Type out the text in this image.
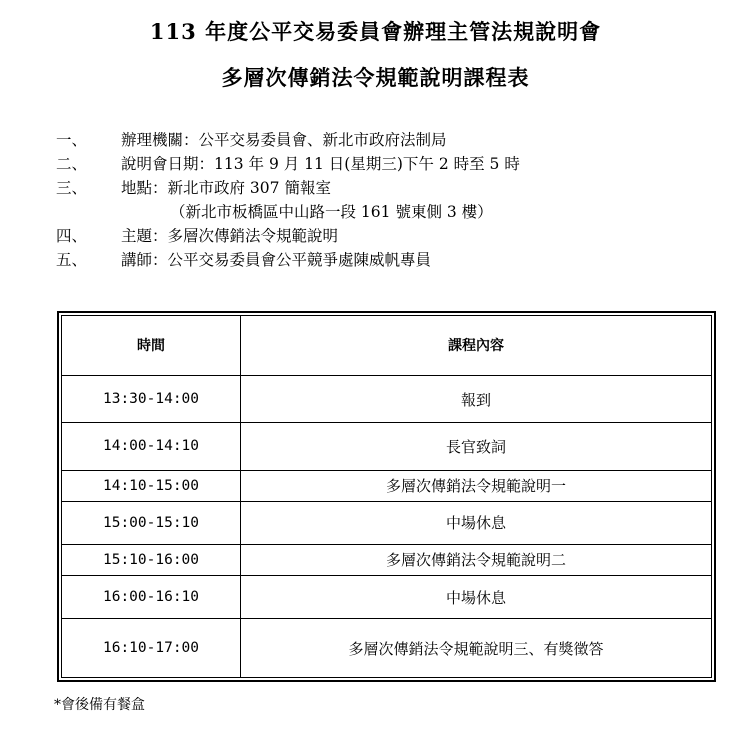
113 年度公平交易委員會辦理主管法規說明會
多層次傳銷法令規範說明課程表
一、 辦理機關：公平交易委員會、新北市政府法制局
二、 說明會日期：113 年 9 月 11 日(星期三)下午 2 時至 5 時
三、 地點：新北市政府 307 簡報室
（新北市板橋區中山路一段 161 號東側 3 樓）
四、 主題：多層次傳銷法令規範說明
五、 講師：公平交易委員會公平競爭處陳威帆專員
時間	課程內容
13:30-14:00	報到
14:00-14:10	長官致詞
14:10-15:00	多層次傳銷法令規範說明一
15:00-15:10	中場休息
15:10-16:00	多層次傳銷法令規範說明二
16:00-16:10	中場休息
16:10-17:00	多層次傳銷法令規範說明三、有獎徵答
*會後備有餐盒
